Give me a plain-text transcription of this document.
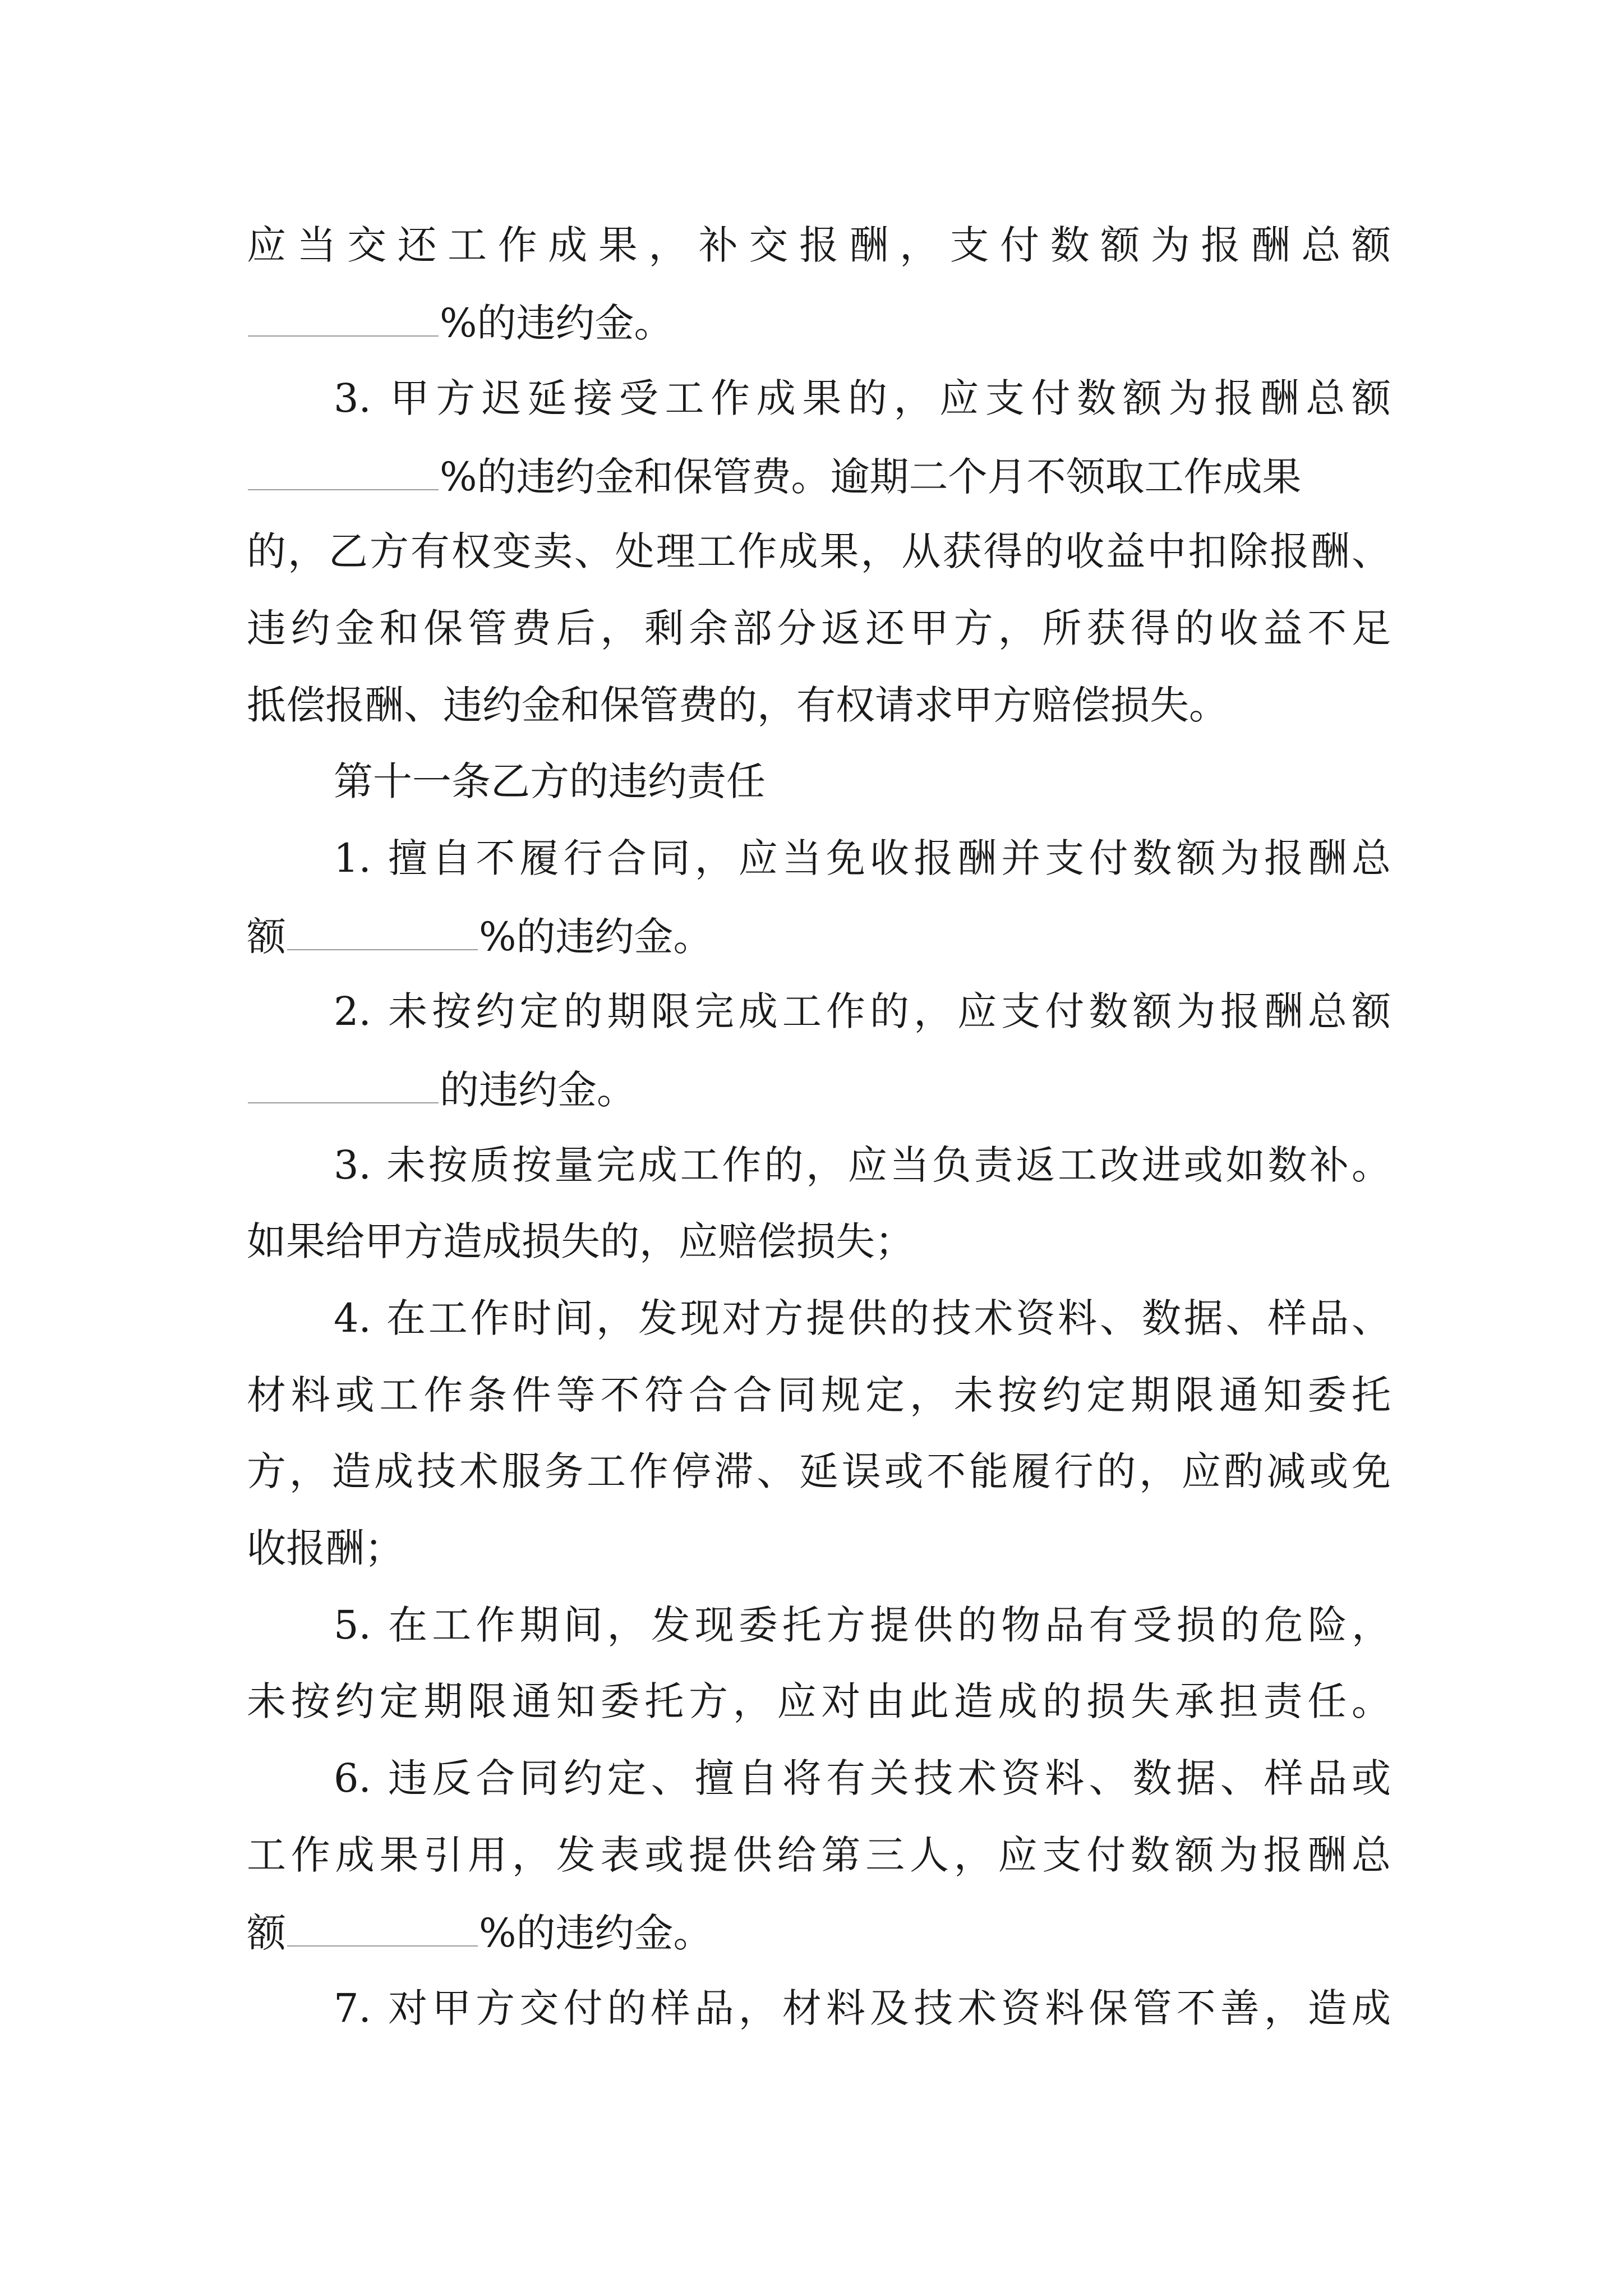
应当交还工作成果，补交报酬，支付数额为报酬总额
%的违约金。
3. 甲方迟延接受工作成果的，应支付数额为报酬总额
%的违约金和保管费。逾期二个月不领取工作成果
的，乙方有权变卖、处理工作成果，从获得的收益中扣除报酬、
违约金和保管费后，剩余部分返还甲方，所获得的收益不足
抵偿报酬、违约金和保管费的，有权请求甲方赔偿损失。
第十一条乙方的违约责任
1. 擅自不履行合同，应当免收报酬并支付数额为报酬总
额	%的违约金。
2. 未按约定的期限完成工作的，应支付数额为报酬总额
的违约金。
3. 未按质按量完成工作的，应当负责返工改进或如数补。
如果给甲方造成损失的，应赔偿损失；
4. 在工作时间，发现对方提供的技术资料、数据、样品、
材料或工作条件等不符合合同规定，未按约定期限通知委托
方，造成技术服务工作停滞、延误或不能履行的，应酌减或免
收报酬；
5. 在工作期间，发现委托方提供的物品有受损的危险，
未按约定期限通知委托方，应对由此造成的损失承担责任。
6. 违反合同约定、擅自将有关技术资料、数据、样品或
工作成果引用，发表或提供给第三人，应支付数额为报酬总
额	%的违约金。
7. 对甲方交付的样品，材料及技术资料保管不善，造成
